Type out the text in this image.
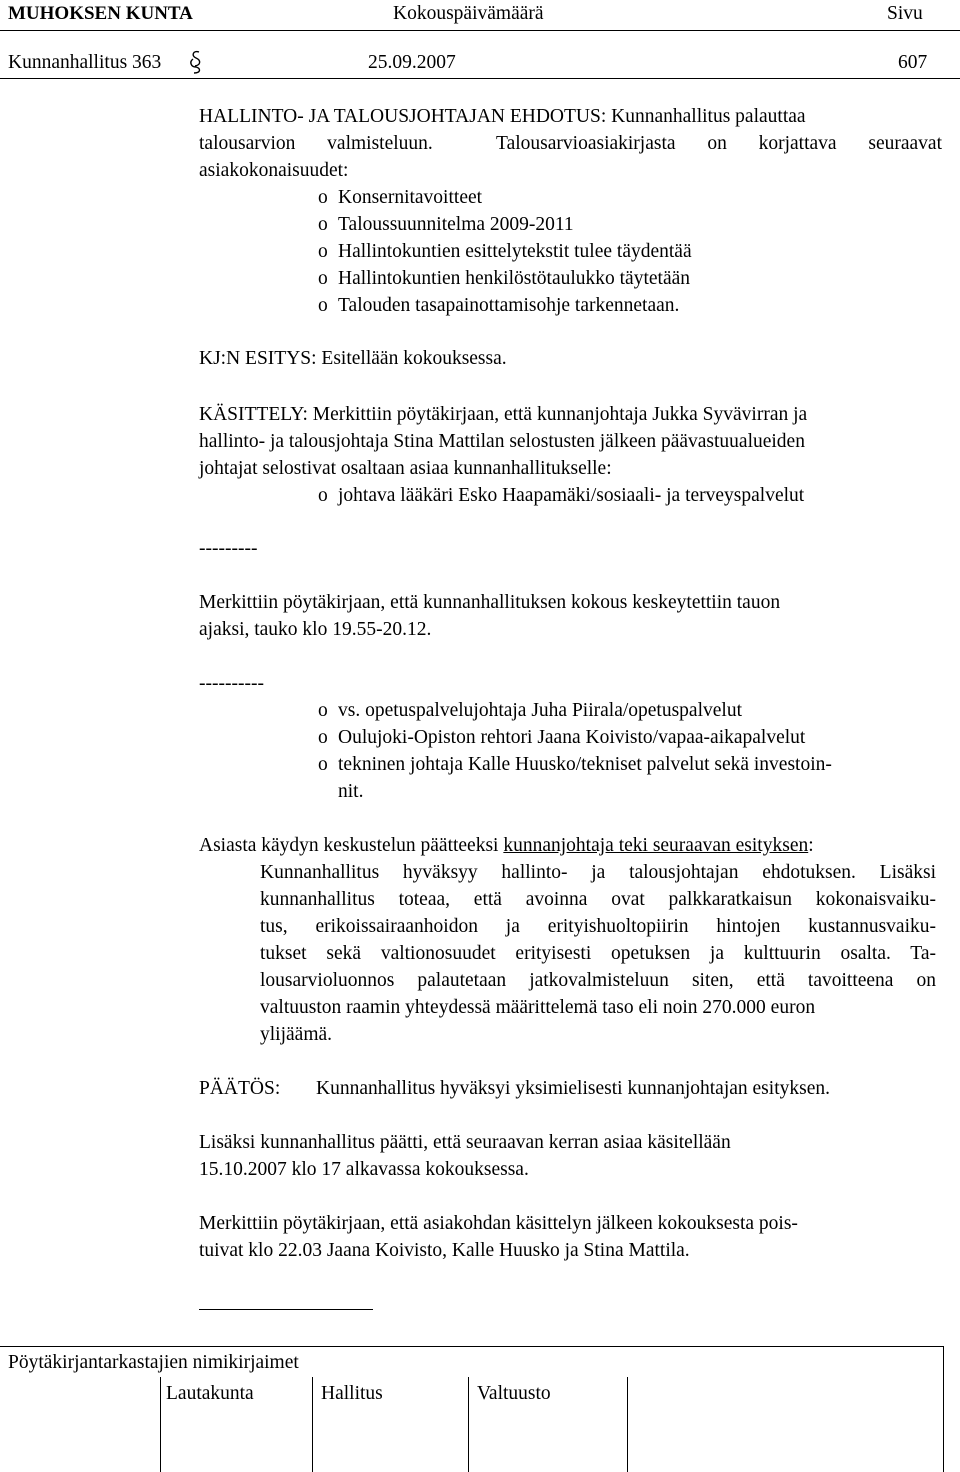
MUHOKSEN KUNTA	Kokouspäivämäärä	Sivu
Kunnanhallitus 363	25.09.2007	607
HALLINTO- JA TALOUSJOHTAJAN EHDOTUS: Kunnanhallitus palauttaa
talousarvion valmisteluun.	Talousarvioasiakirjasta on korjattava seuraavat
asiakokonaisuudet:
o Konsernitavoitteet
o Taloussuunnitelma 2009-2011
o Hallintokuntien esittelytekstit tulee täydentää
o Hallintokuntien henkilöstötaulukko täytetään
o Talouden tasapainottamisohje tarkennetaan.
KJ:N ESITYS: Esitellään kokouksessa.
KÄSITTELY: Merkittiin pöytäkirjaan, että kunnanjohtaja Jukka Syvävirran ja
hallinto- ja talousjohtaja Stina Mattilan selostusten jälkeen päävastuualueiden
johtajat selostivat osaltaan asiaa kunnanhallitukselle:
o johtava lääkäri Esko Haapamäki/sosiaali- ja terveyspalvelut
---------
Merkittiin pöytäkirjaan, että kunnanhallituksen kokous keskeytettiin tauon
ajaksi, tauko klo 19.55-20.12.
----------
o vs. opetuspalvelujohtaja Juha Piirala/opetuspalvelut
o Oulujoki-Opiston rehtori Jaana Koivisto/vapaa-aikapalvelut
o tekninen johtaja Kalle Huusko/tekniset palvelut sekä investoin-
nit.
Asiasta käydyn keskustelun päätteeksi kunnanjohtaja teki seuraavan esityksen:
Kunnanhallitus hyväksyy hallinto- ja talousjohtajan ehdotuksen. Lisäksi
kunnanhallitus toteaa, että avoinna ovat palkkaratkaisun kokonaisvaiku-
tus, erikoissairaanhoidon ja erityishuoltopiirin hintojen kustannusvaiku-
tukset sekä valtionosuudet erityisesti opetuksen ja kulttuurin osalta. Ta-
lousarvioluonnos palautetaan jatkovalmisteluun siten, että tavoitteena on
valtuuston raamin yhteydessä määrittelemä taso eli noin 270.000 euron
ylijäämä.
PÄÄTÖS: Kunnanhallitus hyväksyi yksimielisesti kunnanjohtajan esityksen.
Lisäksi kunnanhallitus päätti, että seuraavan kerran asiaa käsitellään
15.10.2007 klo 17 alkavassa kokouksessa.
Merkittiin pöytäkirjaan, että asiakohdan käsittelyn jälkeen kokouksesta pois-
tuivat klo 22.03 Jaana Koivisto, Kalle Huusko ja Stina Mattila.
Pöytäkirjantarkastajien nimikirjaimet
Lautakunta	Hallitus	Valtuusto
